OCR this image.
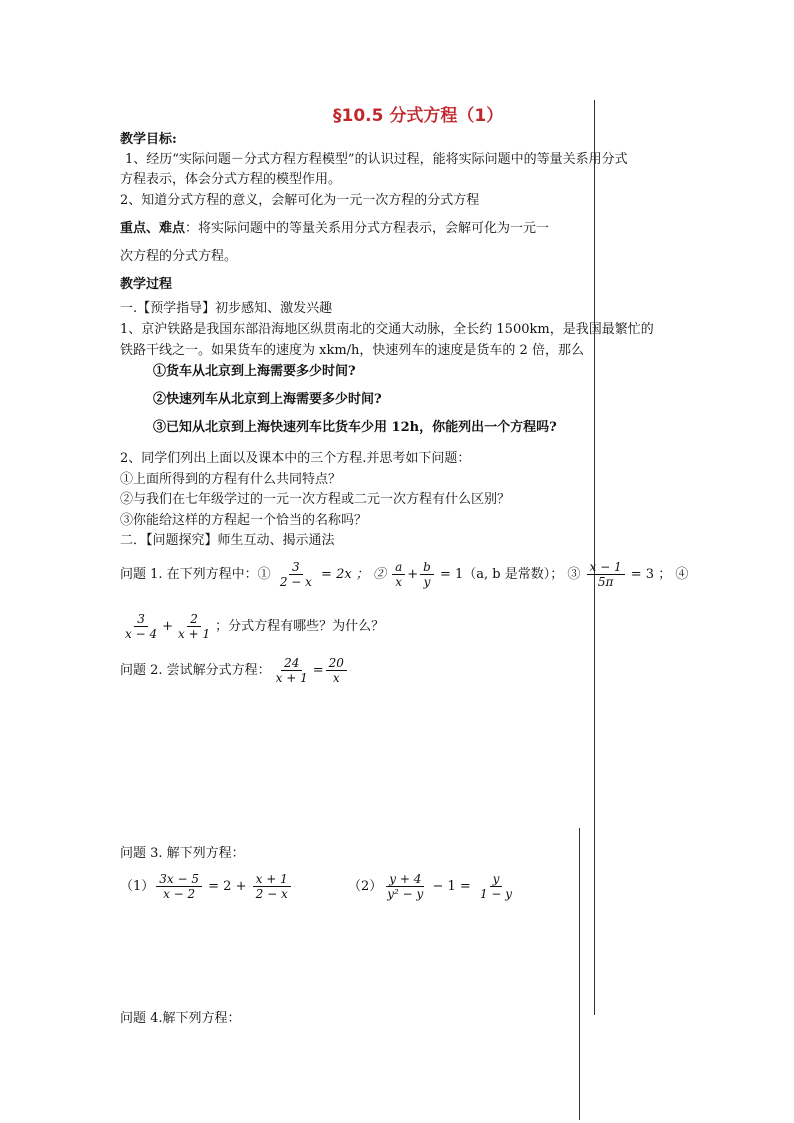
§10.5 分式方程（1）
教学目标:
1、经历“实际问题－分式方程方程模型”的认识过程，能将实际问题中的等量关系用分式
方程表示，体会分式方程的模型作用。
2、知道分式方程的意义，会解可化为一元一次方程的分式方程
重点、难点：将实际问题中的等量关系用分式方程表示，会解可化为一元一
次方程的分式方程。
教学过程
一.【预学指导】初步感知、激发兴趣
1、京沪铁路是我国东部沿海地区纵贯南北的交通大动脉，全长约 1500km，是我国最繁忙的
铁路干线之一。如果货车的速度为 xkm/h，快速列车的速度是货车的 2 倍，那么
①货车从北京到上海需要多少时间?
②快速列车从北京到上海需要多少时间?
③已知从北京到上海快速列车比货车少用 12h，你能列出一个方程吗?
2、同学们列出上面以及课本中的三个方程.并思考如下问题：
①上面所得到的方程有什么共同特点？
②与我们在七年级学过的一元一次方程或二元一次方程有什么区别？
③你能给这样的方程起一个恰当的名称吗？
二．【问题探究】师生互动、揭示通法
问题 1. 在下列方程中：① $\frac{3}{2 - x} = 2x$ ； ② $\frac{a}{x} + \frac{b}{y} = 1(a$, b 是常数）； ③ $\frac{x - 1}{5\pi} = 3$ ； ④
$\frac{3}{x - 4} + \frac{2}{x + 1}$ ；分式方程有哪些？为什么？
问题 2. 尝试解分式方程： $\frac{24}{x + 1} = \frac{20}{x}$
问题 3. 解下列方程：
$(1) \frac{3x - 5}{x - 2} = 2 + \frac{x + 1}{2 - x}$	$(2) \frac{y + 4}{\text{y² − y}} - 1 = \frac{y}{1 - y}$
问题 4.解下列方程：
